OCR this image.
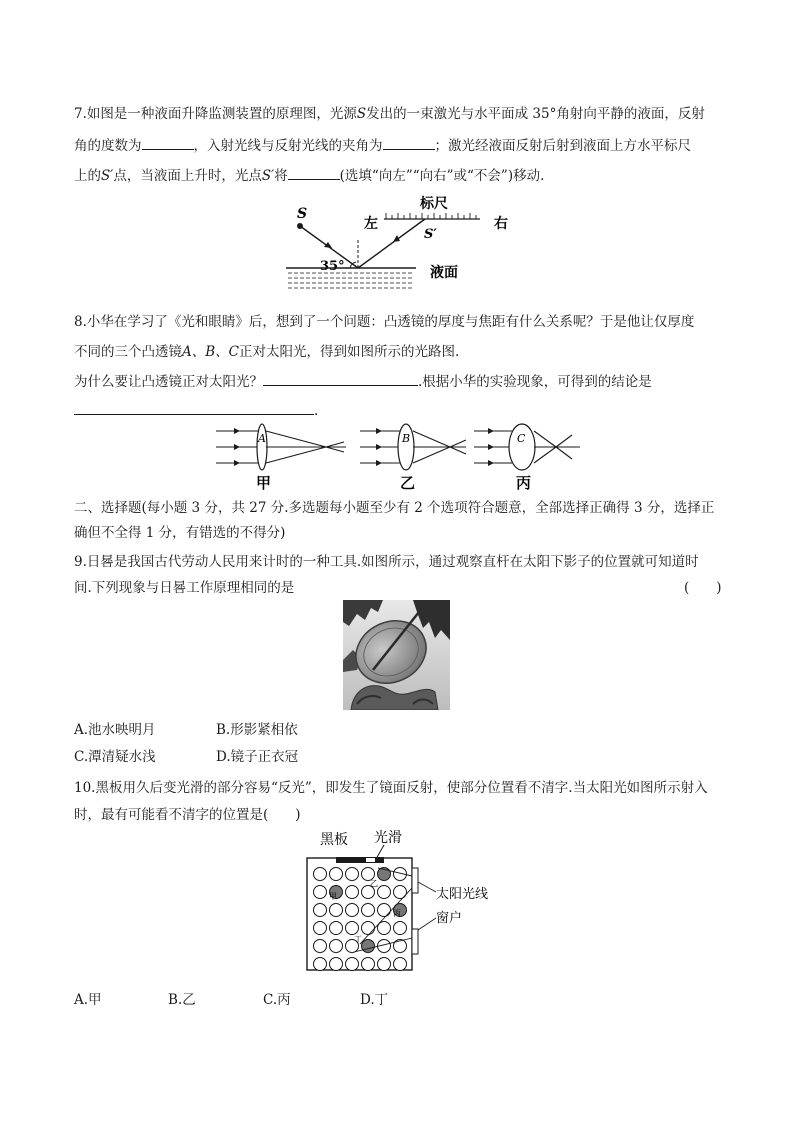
7.如图是一种液面升降监测装置的原理图，光源S发出的一束激光与水平面成 35°角射向平静的液面，反射
角的度数为	，入射光线与反射光线的夹角为	；激光经液面反射后射到液面上方水平标尺
上的S′点，当液面上升时，光点S′将	(选填“向左”“向右”或“不会”)移动.
S
35°
左
标尺
S′
右
液面
8.小华在学习了《光和眼睛》后，想到了一个问题：凸透镜的厚度与焦距有什么关系呢？于是他让仅厚度
不同的三个凸透镜A、B、C正对太阳光，得到如图所示的光路图.
为什么要让凸透镜正对太阳光？	.根据小华的实验现象，可得到的结论是
.
A
甲
B
乙
C
丙
二、选择题(每小题 3 分，共 27 分.多选题每小题至少有 2 个选项符合题意，全部选择正确得 3 分，选择正
确但不全得 1 分，有错选的不得分)
9.日晷是我国古代劳动人民用来计时的一种工具.如图所示，通过观察直杆在太阳下影子的位置就可知道时
间.下列现象与日晷工作原理相同的是	(　　)
A.池水映明月	B.形影紧相依
C.潭清疑水浅	D.镜子正衣冠
10.黑板用久后变光滑的部分容易“反光”，即发生了镜面反射，使部分位置看不清字.当太阳光如图所示射入
时，最有可能看不清字的位置是(　　)
黑板 光滑
太阳光线
窗户
甲
乙
丙
丁
A.甲	B.乙	C.丙	D.丁
